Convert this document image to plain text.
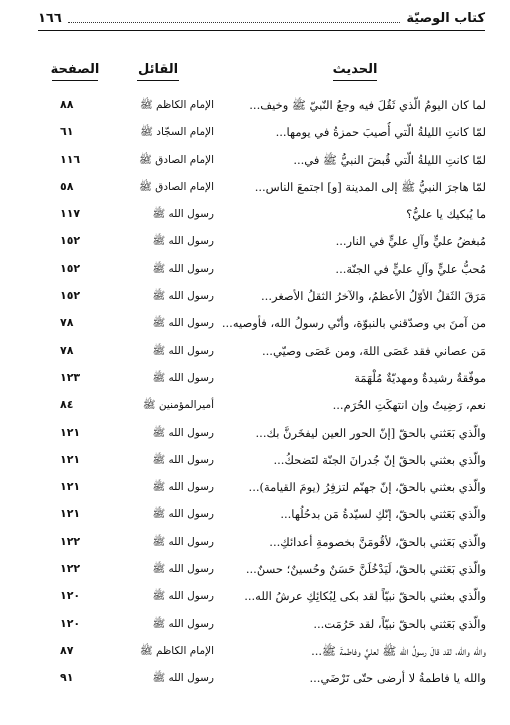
كتاب الوصيّة
١٦٦
الحديث
القائل
الصفحة
لما كان اليومُ الّذي ثَقُلَ فيه وجعُ النّبيّ ﷺ وخيف...
الإمام الكاظم ﷺ
٨٨
لمّا كانتِ الليلةُ الّتي أُصيبَ حمزةُ في يومها...
الإمام السجّاد ﷺ
٦١
لمّا كانتِ الليلةُ الّتي قُبضَ النبيُّ ﷺ في...
الإمام الصادق ﷺ
١١٦
لمّا هاجرَ النبيُّ ﷺ إلى المدينة [و] اجتمعَ الناس...
الإمام الصادق ﷺ
٥٨
ما يُبكيك يا عليُّ؟
رسول الله ﷺ
١١٧
مُبغضُ عليٍّ وآلِ عليٍّ في النار...
رسول الله ﷺ
١٥٢
مُحبُّ عليٍّ وآلِ عليٍّ في الجنّة...
رسول الله ﷺ
١٥٢
مَرَقَ الثَقلُ الأوّلُ الأعظمُ، والآخرُ الثقلُ الأصغر...
رسول الله ﷺ
١٥٢
من آمنَ بي وصدّقني بالنبوّة، وأنّي رسولُ الله، فأوصيه...
رسول الله ﷺ
٧٨
مَن عصاني فقد عَصَى اللهَ، ومن عَصَى وصيّي...
رسول الله ﷺ
٧٨
موفّقةٌ رشيدةٌ ومهديّةٌ مُلْهَمَة
رسول الله ﷺ
١٢٣
نعم، رَضِيتُ وإن انتهكَتِ الحُرَم...
أميرالمؤمنين ﷺ
٨٤
والّذي بَعَثني بالحقّ [إنّ الحور العين ليفخَرنَّ بك...
رسول الله ﷺ
١٢١
والّذي بعثني بالحقّ إنّ جُدرانَ الجنّة لتَضحكُ...
رسول الله ﷺ
١٢١
والّذي بعثني بالحقّ، إنّ جهنّم لتزفِرُ (يومَ القيامة)...
رسول الله ﷺ
١٢١
والّذي بَعَثني بالحقّ، إنّكِ لسيّدةُ مَن بدحُلُها...
رسول الله ﷺ
١٢١
والّذي بَعَثني بالحقّ، لأقُومَنَّ بخصومةِ أعدائكِ...
رسول الله ﷺ
١٢٢
والّذي بَعَثني بالحقّ، لَيَدْخُلَنَّ حَسَنٌ وحُسينٌ؛ حسنٌ...
رسول الله ﷺ
١٢٢
والّذي بعثني بالحقّ نبيّاً لقد بكى لِبُكائِكِ عرشُ الله...
رسول الله ﷺ
١٢٠
والّذي بَعَثني بالحقّ نبيّاً، لقد حَرُمَت...
رسول الله ﷺ
١٢٠
والله والله، لقد قالَ رسولُ الله ﷺ لعليٍّ وفاطمةَ ﷺ...
الإمام الكاظم ﷺ
٨٧
والله يا فاطمةُ لا أرضى حتّى تَرْضَي...
رسول الله ﷺ
٩١
